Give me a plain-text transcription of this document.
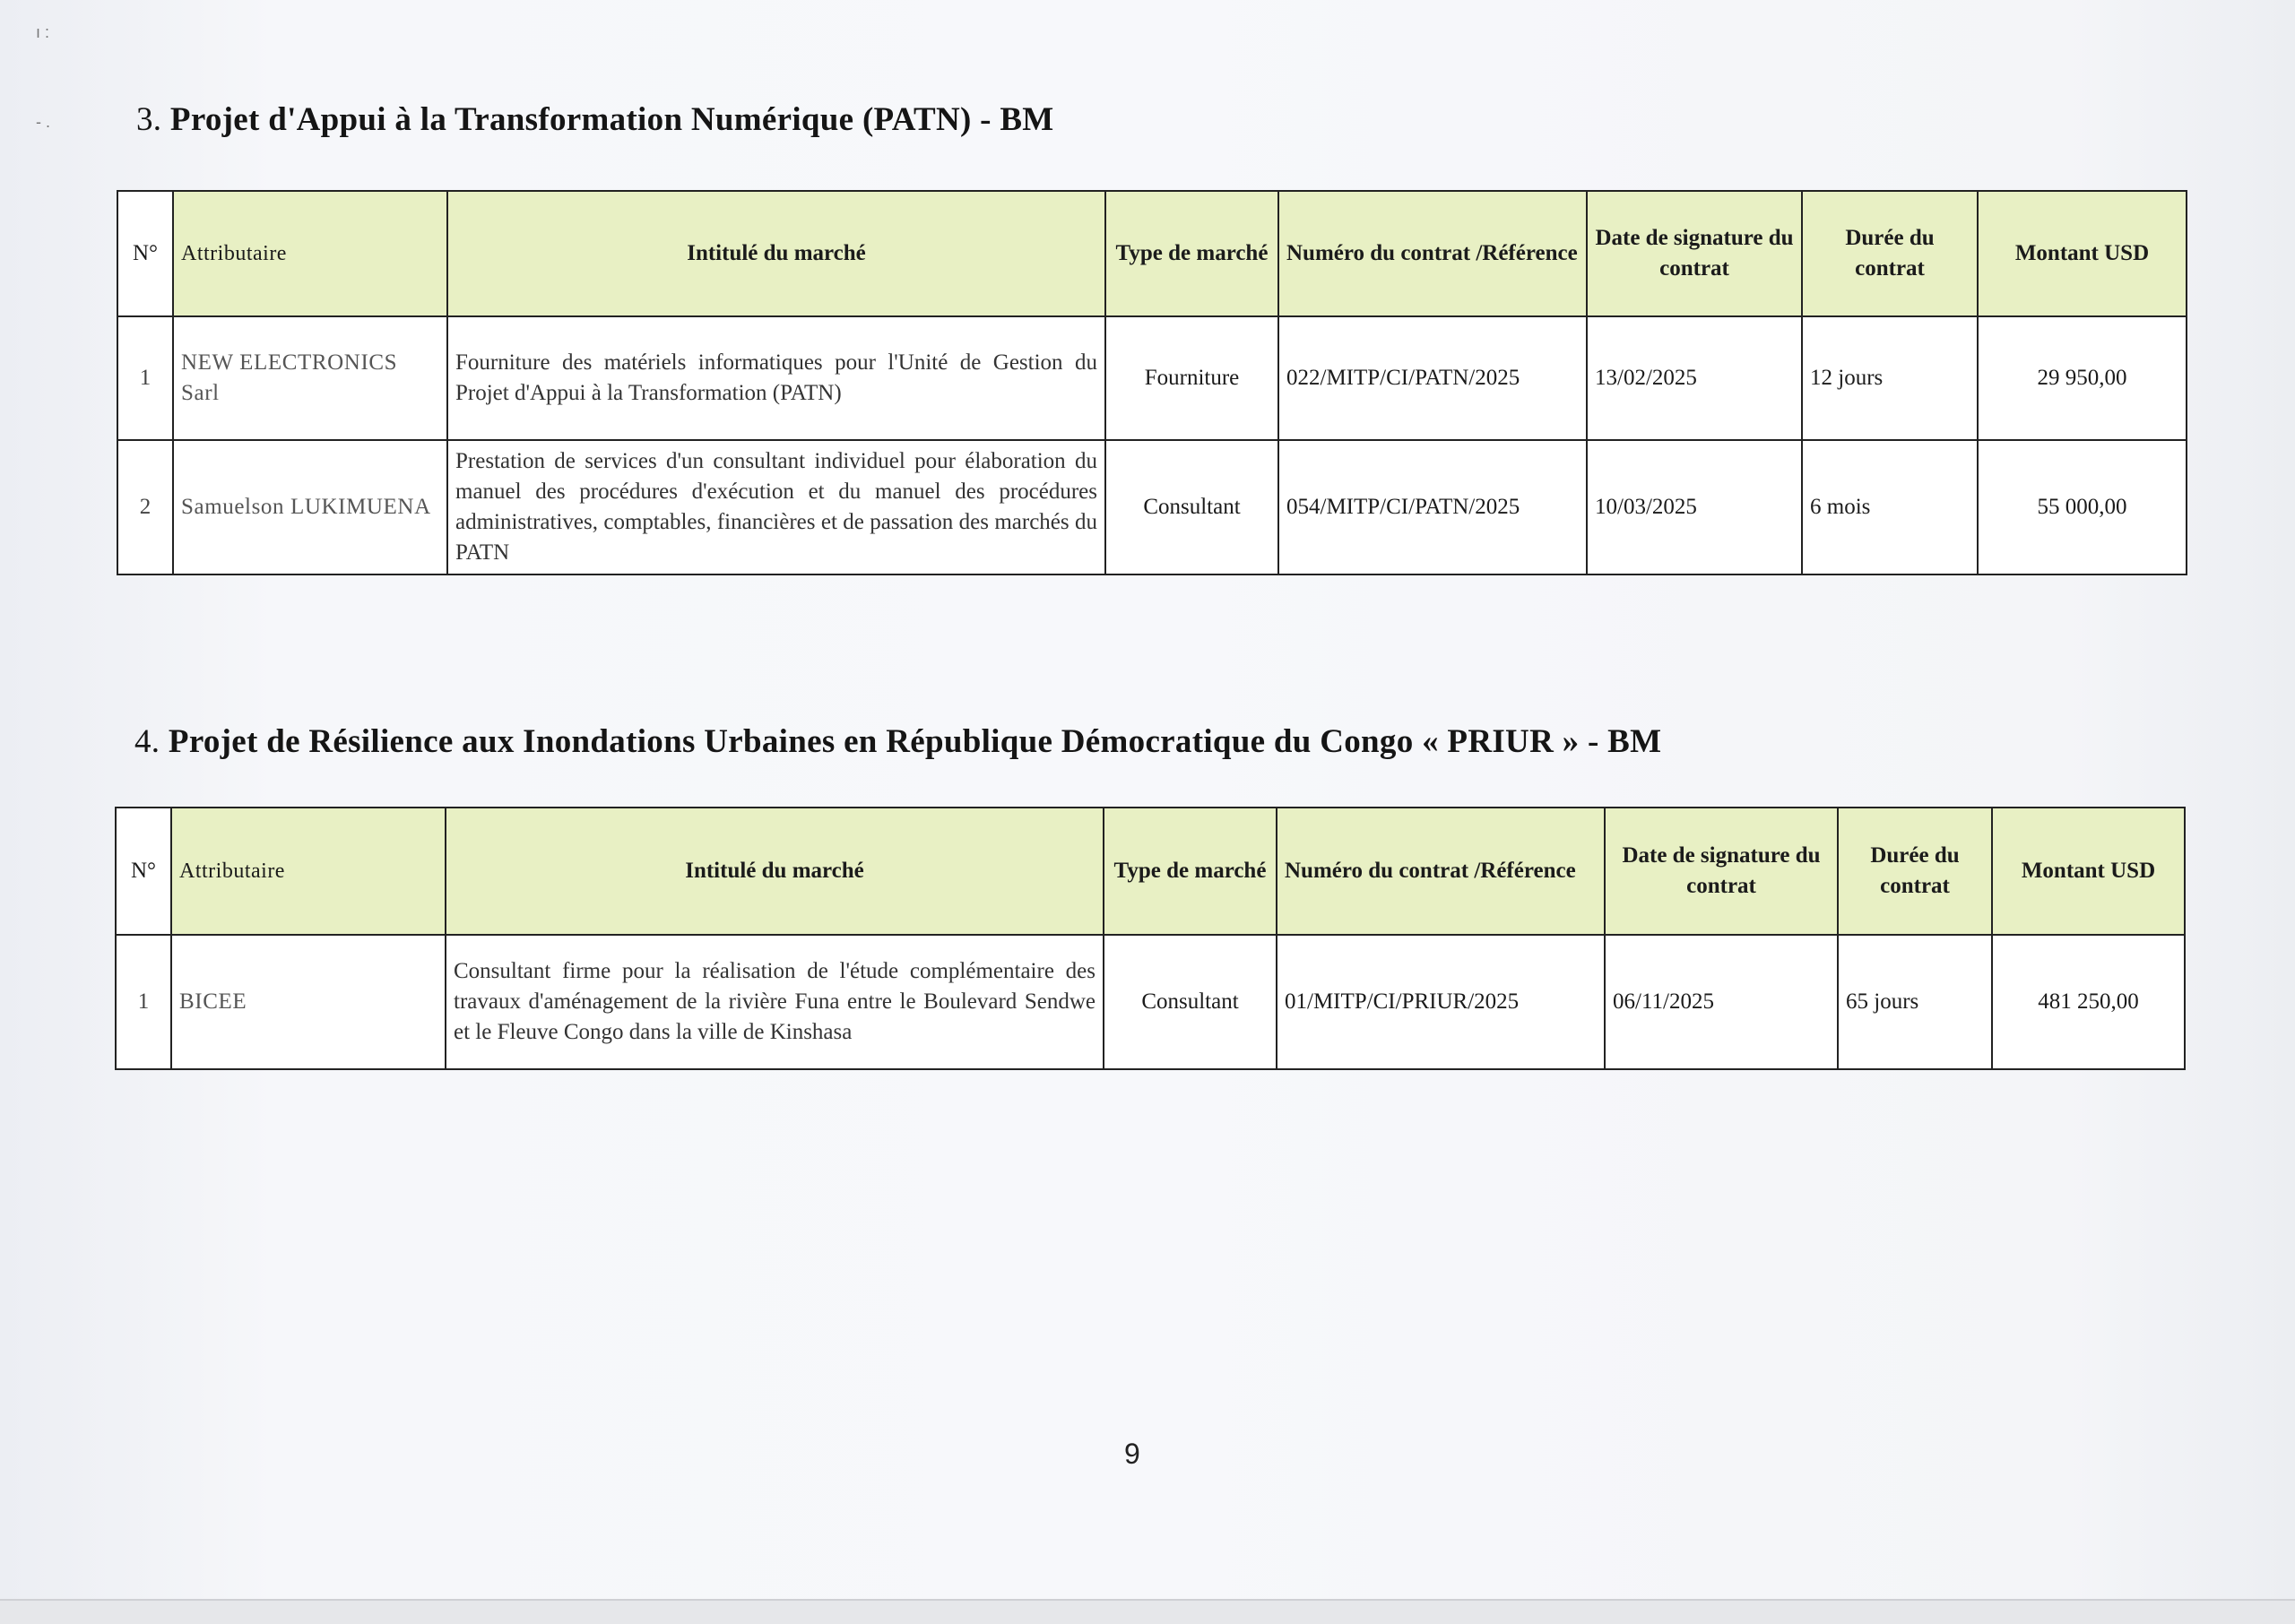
ı :
- .	3. Projet d'Appui à la Transformation Numérique (PATN) - BM
N°	Attributaire	Intitulé du marché	Type de marché	Numéro du contrat /Référence	Date de signature du contrat	Durée du contrat	Montant USD
1	NEW ELECTRONICS Sarl	Fourniture des matériels informatiques pour l'Unité de Gestion du Projet d'Appui à la Transformation (PATN)	Fourniture	022/MITP/CI/PATN/2025	13/02/2025	12 jours	29 950,00
2	Samuelson LUKIMUENA	Prestation de services d'un consultant individuel pour élaboration du manuel des procédures d'exécution et du manuel des procédures administratives, comptables, financières et de passation des marchés du PATN	Consultant	054/MITP/CI/PATN/2025	10/03/2025	6 mois	55 000,00
4. Projet de Résilience aux Inondations Urbaines en République Démocratique du Congo « PRIUR » - BM
N°	Attributaire	Intitulé du marché	Type de marché	Numéro du contrat /Référence	Date de signature du contrat	Durée du contrat	Montant USD
1	BICEE	Consultant firme pour la réalisation de l'étude complémentaire des travaux d'aménagement de la rivière Funa entre le Boulevard Sendwe et le Fleuve Congo dans la ville de Kinshasa	Consultant	01/MITP/CI/PRIUR/2025	06/11/2025	65 jours	481 250,00
9
